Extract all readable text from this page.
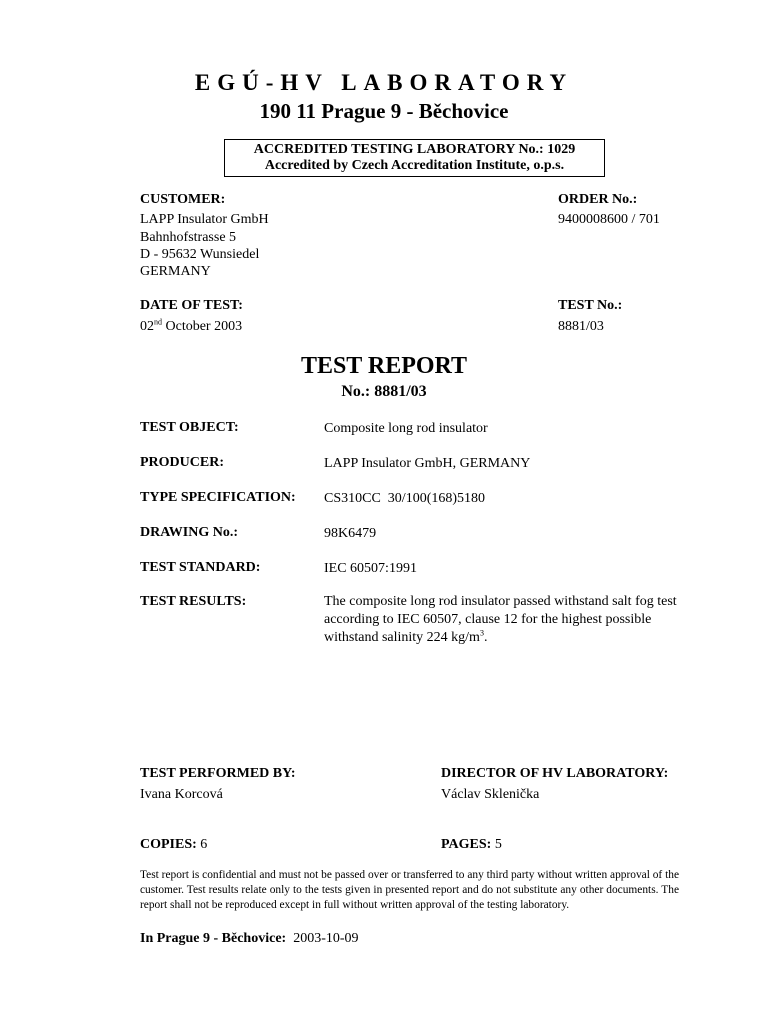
EGÚ-HV LABORATORY
190 11 Prague 9 - Běchovice
ACCREDITED TESTING LABORATORY No.: 1029
Accredited by Czech Accreditation Institute, o.p.s.
CUSTOMER:
LAPP Insulator GmbH
Bahnhofstrasse 5
D - 95632 Wunsiedel
GERMANY
ORDER No.:
9400008600 / 701
DATE OF TEST:
02nd October 2003
TEST No.:
8881/03
TEST REPORT
No.: 8881/03
TEST OBJECT:	Composite long rod insulator
PRODUCER:	LAPP Insulator GmbH, GERMANY
TYPE SPECIFICATION: CS310CC  30/100(168)5180
DRAWING No.:	98K6479
TEST STANDARD:	IEC 60507:1991
TEST RESULTS:	The composite long rod insulator passed withstand salt fog test according to IEC 60507, clause 12 for the highest possible withstand salinity 224 $kg/m^3$.
TEST PERFORMED BY:
Ivana Korcová
DIRECTOR OF HV LABORATORY:
Václav Sklenička
COPIES: 6	PAGES: 5
Test report is confidential and must not be passed over or transferred to any third party without written approval of the customer. Test results relate only to the tests given in presented report and do not substitute any other documents. The report shall not be reproduced except in full without written approval of the testing laboratory.
In Prague 9 - Běchovice:  2003-10-09
